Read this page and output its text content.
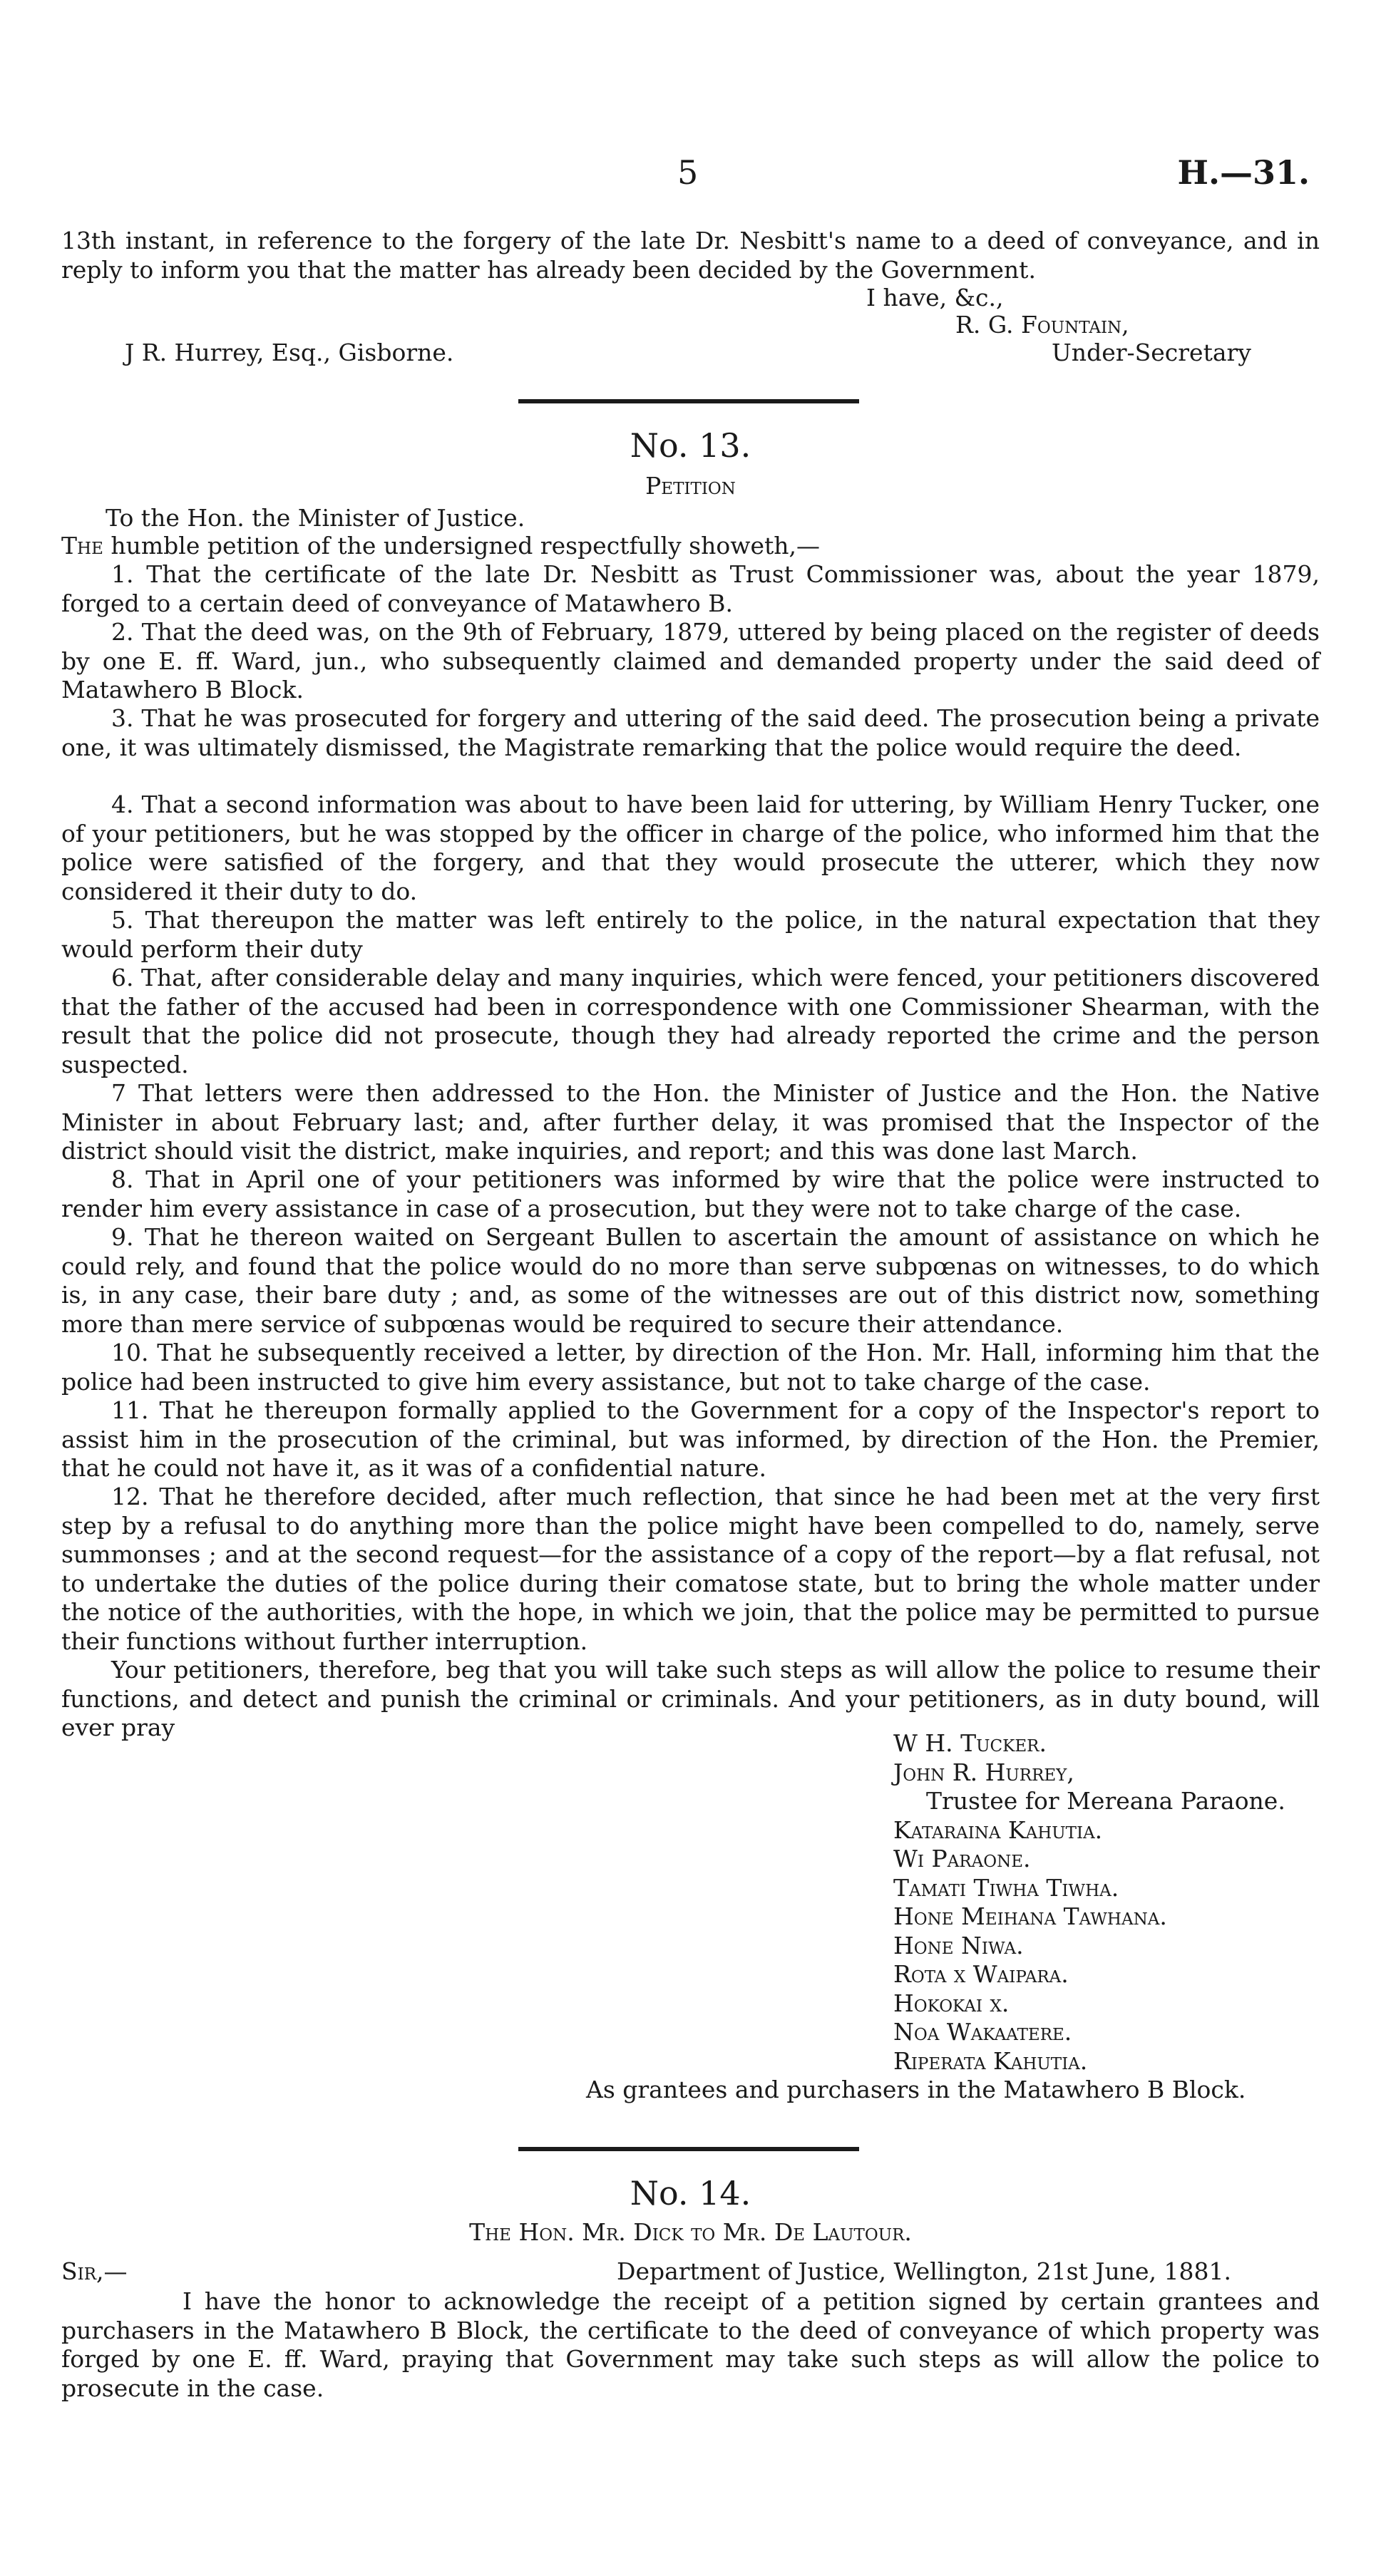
5	H.—31.

13th instant, in reference to the forgery of the late Dr. Nesbitt's name to a deed of conveyance, and in reply to inform you that the matter has already been decided by the Government.

I have, &c.,
R. G. Fountain,
J R. Hurrey, Esq., Gisborne.	Under-Secretary
No. 13.
Petition
To the Hon. the Minister of Justice.

The humble petition of the undersigned respectfully showeth,—

1. That the certificate of the late Dr. Nesbitt as Trust Commissioner was, about the year 1879, forged to a certain deed of conveyance of Matawhero B.

2. That the deed was, on the 9th of February, 1879, uttered by being placed on the register of deeds by one E. ff. Ward, jun., who subsequently claimed and demanded property under the said deed of Matawhero B Block.

3. That he was prosecuted for forgery and uttering of the said deed. The prosecution being a private one, it was ultimately dismissed, the Magistrate remarking that the police would require the deed.

4. That a second information was about to have been laid for uttering, by William Henry Tucker, one of your petitioners, but he was stopped by the officer in charge of the police, who informed him that the police were satisfied of the forgery, and that they would prosecute the utterer, which they now considered it their duty to do.

5. That thereupon the matter was left entirely to the police, in the natural expectation that they would perform their duty

6. That, after considerable delay and many inquiries, which were fenced, your petitioners discovered that the father of the accused had been in correspondence with one Commissioner Shearman, with the result that the police did not prosecute, though they had already reported the crime and the person suspected.

7 That letters were then addressed to the Hon. the Minister of Justice and the Hon. the Native Minister in about February last; and, after further delay, it was promised that the Inspector of the district should visit the district, make inquiries, and report; and this was done last March.

8. That in April one of your petitioners was informed by wire that the police were instructed to render him every assistance in case of a prosecution, but they were not to take charge of the case.

9. That he thereon waited on Sergeant Bullen to ascertain the amount of assistance on which he could rely, and found that the police would do no more than serve subpœnas on witnesses, to do which is, in any case, their bare duty ; and, as some of the witnesses are out of this district now, something more than mere service of subpœnas would be required to secure their attendance.

10. That he subsequently received a letter, by direction of the Hon. Mr. Hall, informing him that the police had been instructed to give him every assistance, but not to take charge of the case.

11. That he thereupon formally applied to the Government for a copy of the Inspector's report to assist him in the prosecution of the criminal, but was informed, by direction of the Hon. the Premier, that he could not have it, as it was of a confidential nature.

12. That he therefore decided, after much reflection, that since he had been met at the very first step by a refusal to do anything more than the police might have been compelled to do, namely, serve summonses ; and at the second request—for the assistance of a copy of the report—by a flat refusal, not to undertake the duties of the police during their comatose state, but to bring the whole matter under the notice of the authorities, with the hope, in which we join, that the police may be permitted to pursue their functions without further interruption.

Your petitioners, therefore, beg that you will take such steps as will allow the police to resume their functions, and detect and punish the criminal or criminals. And your petitioners, as in duty bound, will ever pray

W H. Tucker.
John R. Hurrey,
Trustee for Mereana Paraone.
Kataraina Kahutia.
Wi Paraone.
Tamati Tiwha Tiwha.
Hone Meihana Tawhana.
Hone Niwa.
Rota x Waipara.
Hokokai x.
Noa Wakaatere.
Riperata Kahutia.
As grantees and purchasers in the Matawhero B Block.
No. 14.
The Hon. Mr. Dick to Mr. De Lautour.
Sir,—	Department of Justice, Wellington, 21st June, 1881.

I have the honor to acknowledge the receipt of a petition signed by certain grantees and purchasers in the Matawhero B Block, the certificate to the deed of conveyance of which property was forged by one E. ff. Ward, praying that Government may take such steps as will allow the police to prosecute in the case.
